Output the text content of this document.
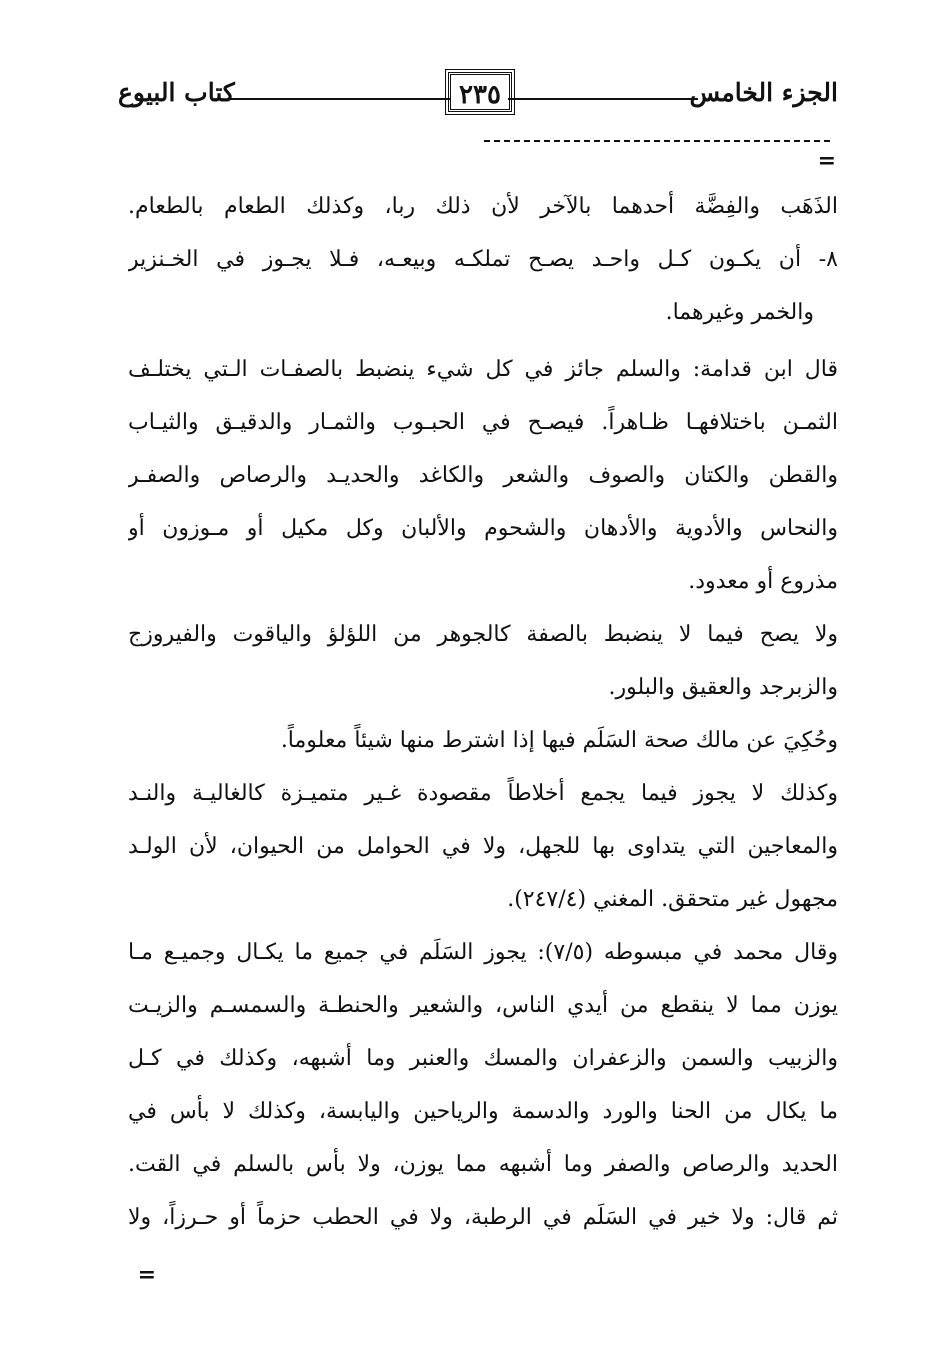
الجزء الخامس
٢٣٥
كتاب البيوع
=
الذَهَب والفِضَّة أحدهما بالآخر لأن ذلك ربا، وكذلك الطعام بالطعام.
٨- أن يكـون كـل واحـد يصـح تملكـه وبيعـه، فـلا يجـوز في الخـنزير
والخمر وغيرهما.
قال ابن قدامة: والسلم جائز في كل شيء ينضبط بالصفـات الـتي يختلـف
الثمـن باختلافهـا ظـاهراً. فيصـح في الحبـوب والثمـار والدقيـق والثيـاب
والقطن والكتان والصوف والشعر والكاغد والحديـد والرصاص والصفـر
والنحاس والأدوية والأدهان والشحوم والألبان وكل مكيل أو مـوزون أو
مذروع أو معدود.
ولا يصح فيما لا ينضبط بالصفة كالجوهر من اللؤلؤ والياقوت والفيروزج
والزبرجد والعقيق والبلور.
وحُكِيَ عن مالك صحة السَلَم فيها إذا اشترط منها شيئاً معلوماً.
وكذلك لا يجوز فيما يجمع أخلاطاً مقصودة غـير متميـزة كالغاليـة والنـد
والمعاجين التي يتداوى بها للجهل، ولا في الحوامل من الحيوان، لأن الولـد
مجهول غير متحقق. المغني (٢٤٧/٤).
وقال محمد في مبسوطه (٧/٥): يجوز السَلَم في جميع ما يكـال وجميـع مـا
يوزن مما لا ينقطع من أيدي الناس، والشعير والحنطـة والسمسـم والزيـت
والزبيب والسمن والزعفران والمسك والعنبر وما أشبهه، وكذلك في كـل
ما يكال من الحنا والورد والدسمة والرياحين واليابسة، وكذلك لا بأس في
الحديد والرصاص والصفر وما أشبهه مما يوزن، ولا بأس بالسلم في القت.
ثم قال: ولا خير في السَلَم في الرطبة، ولا في الحطب حزماً أو حـرزاً، ولا
=
